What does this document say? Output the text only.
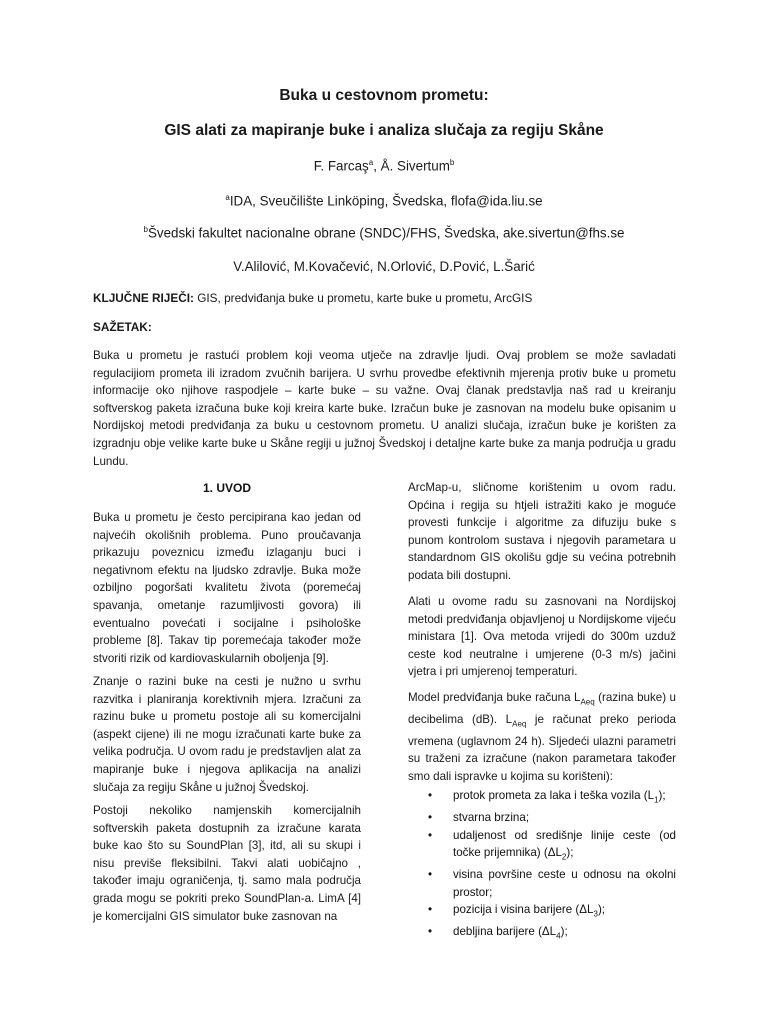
Buka u cestovnom prometu:
GIS alati za mapiranje buke i analiza slučaja za regiju Skåne
F. Farcaş$^a$, Å. Sivertum$^b$
$^a$IDA, Sveučilište Linköping, Švedska, flofa@ida.liu.se
$^b$Švedski fakultet nacionalne obrane (SNDC)/FHS, Švedska, ake.sivertun@fhs.se
V.Alilović, M.Kovačević, N.Orlović, D.Pović, L.Šarić
KLJUČNE RIJEČI: GIS, predviđanja buke u prometu, karte buke u prometu, ArcGIS
SAŽETAK:
Buka u prometu je rastući problem koji veoma utječe na zdravlje ljudi. Ovaj problem se može savladati regulacijiom prometa ili izradom zvučnih barijera. U svrhu provedbe efektivnih mjerenja protiv buke u prometu informacije oko njihove raspodjele – karte buke – su važne. Ovaj članak predstavlja naš rad u kreiranju softverskog paketa izračuna buke koji kreira karte buke. Izračun buke je zasnovan na modelu buke opisanim u Nordijskoj metodi predviđanja za buku u cestovnom prometu. U analizi slučaja, izračun buke je korišten za izgradnju obje velike karte buke u Skåne regiji u južnoj Švedskoj i detaljne karte buke za manja područja u gradu Lundu.
1. UVOD
Buka u prometu je često percipirana kao jedan od najvećih okolišnih problema. Puno proučavanja prikazuju poveznicu između izlaganju buci i negativnom efektu na ljudsko zdravlje. Buka može ozbiljno pogoršati kvalitetu života (poremećaj spavanja, ometanje razumljivosti govora) ili eventualno povećati i socijalne i psihološke probleme [8]. Takav tip poremećaja također može stvoriti rizik od kardiovaskularnih oboljenja [9].
Znanje o razini buke na cesti je nužno u svrhu razvitka i planiranja korektivnih mjera. Izračuni za razinu buke u prometu postoje ali su komercijalni (aspekt cijene) ili ne mogu izračunati karte buke za velika područja. U ovom radu je predstavljen alat za mapiranje buke i njegova aplikacija na analizi slučaja za regiju Skåne u južnoj Švedskoj.
Postoji nekoliko namjenskih komercijalnih softverskih paketa dostupnih za izračune karata buke kao što su SoundPlan [3], itd, ali su skupi i nisu previše fleksibilni. Takvi alati uobičajno , također imaju ograničenja, tj. samo mala područja grada mogu se pokriti preko SoundPlan-a. LimA [4] je komercijalni GIS simulator buke zasnovan na
ArcMap-u, sličnome korištenim u ovom radu. Općina i regija su htjeli istražiti kako je moguće provesti funkcije i algoritme za difuziju buke s punom kontrolom sustava i njegovih parametara u standardnom GIS okolišu gdje su većina potrebnih podata bili dostupni.
Alati u ovome radu su zasnovani na Nordijskoj metodi predviđanja objavljenoj u Nordijskome vijeću ministara [1]. Ova metoda vrijedi do 300m uzduž ceste kod neutralne i umjerene (0-3 m/s) jačini vjetra i pri umjerenoj temperaturi.
Model predviđanja buke računa $L_{Aeq}$ (razina buke) u decibelima (dB). $L_{Aeq}$ je računat preko perioda vremena (uglavnom 24 h). Sljedeći ulazni parametri su traženi za izračune (nakon parametara također smo dali ispravke u kojima su korišteni):
• protok prometa za laka i teška vozila $(L_1)$;
• stvarna brzina;
• udaljenost od središnje linije ceste (od točke prijemnika) $(\Delta L_2)$;
• visina površine ceste u odnosu na okolni prostor;
• pozicija i visina barijere $(\Delta L_3)$;
• debljina barijere $(\Delta L_4)$;
